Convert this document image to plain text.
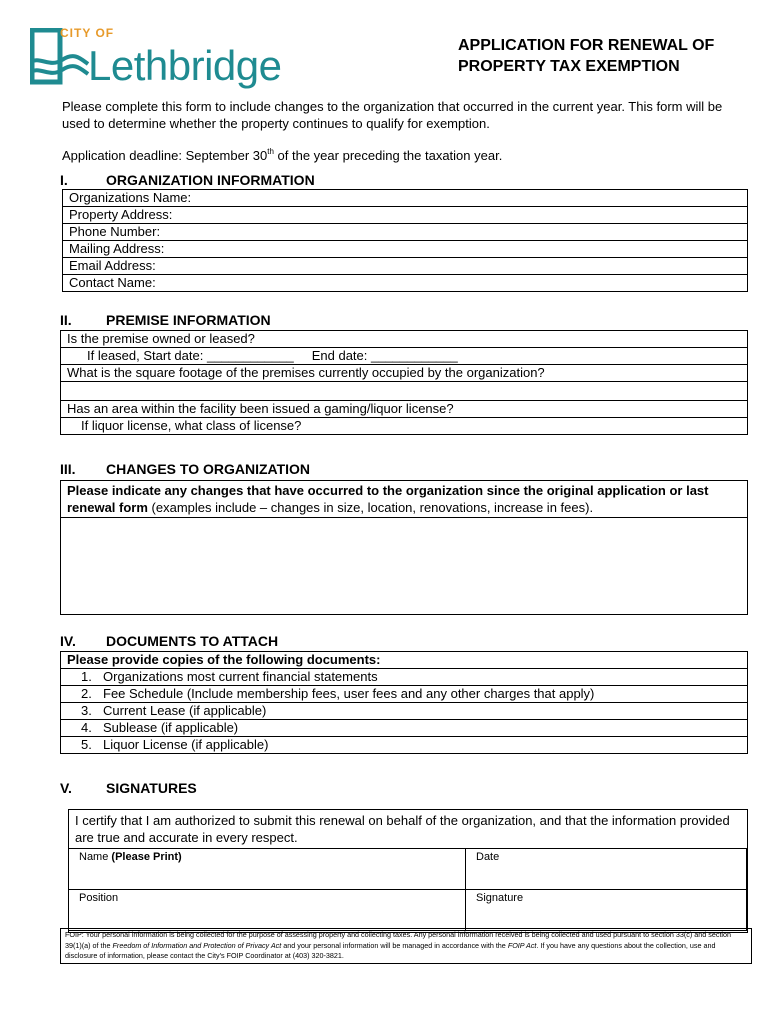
CITY OF
Lethbridge	APPLICATION FOR RENEWAL OF
PROPERTY TAX EXEMPTION
Please complete this form to include changes to the organization that occurred in the current year. This form will be used to determine whether the property continues to qualify for exemption.
Application deadline: September 30th of the year preceding the taxation year.
I.	ORGANIZATION INFORMATION
Organizations Name:
Property Address:
Phone Number:
Mailing Address:
Email Address:
Contact Name:
II. PREMISE INFORMATION
Is the premise owned or leased?
If leased, Start date: ____________ End date: ____________
What is the square footage of the premises currently occupied by the organization?

Has an area within the facility been issued a gaming/liquor license?
If liquor license, what class of license?
III. CHANGES TO ORGANIZATION
Please indicate any changes that have occurred to the organization since the original application or last renewal form (examples include – changes in size, location, renovations, increase in fees).
IV. DOCUMENTS TO ATTACH
Please provide copies of the following documents:
1. Organizations most current financial statements
2. Fee Schedule (Include membership fees, user fees and any other charges that apply)
3. Current Lease (if applicable)
4. Sublease (if applicable)
5. Liquor License (if applicable)
V. SIGNATURES
I certify that I am authorized to submit this renewal on behalf of the organization, and that the information provided are true and accurate in every respect.
Name (Please Print)	Date
Position	Signature
FOIP: Your personal information is being collected for the purpose of assessing property and collecting taxes. Any personal information received is being collected and used pursuant to section 33(c) and section 39(1)(a) of the Freedom of Information and Protection of Privacy Act and your personal information will be managed in accordance with the FOIP Act. If you have any questions about the collection, use and disclosure of information, please contact the City's FOIP Coordinator at (403) 320-3821.
